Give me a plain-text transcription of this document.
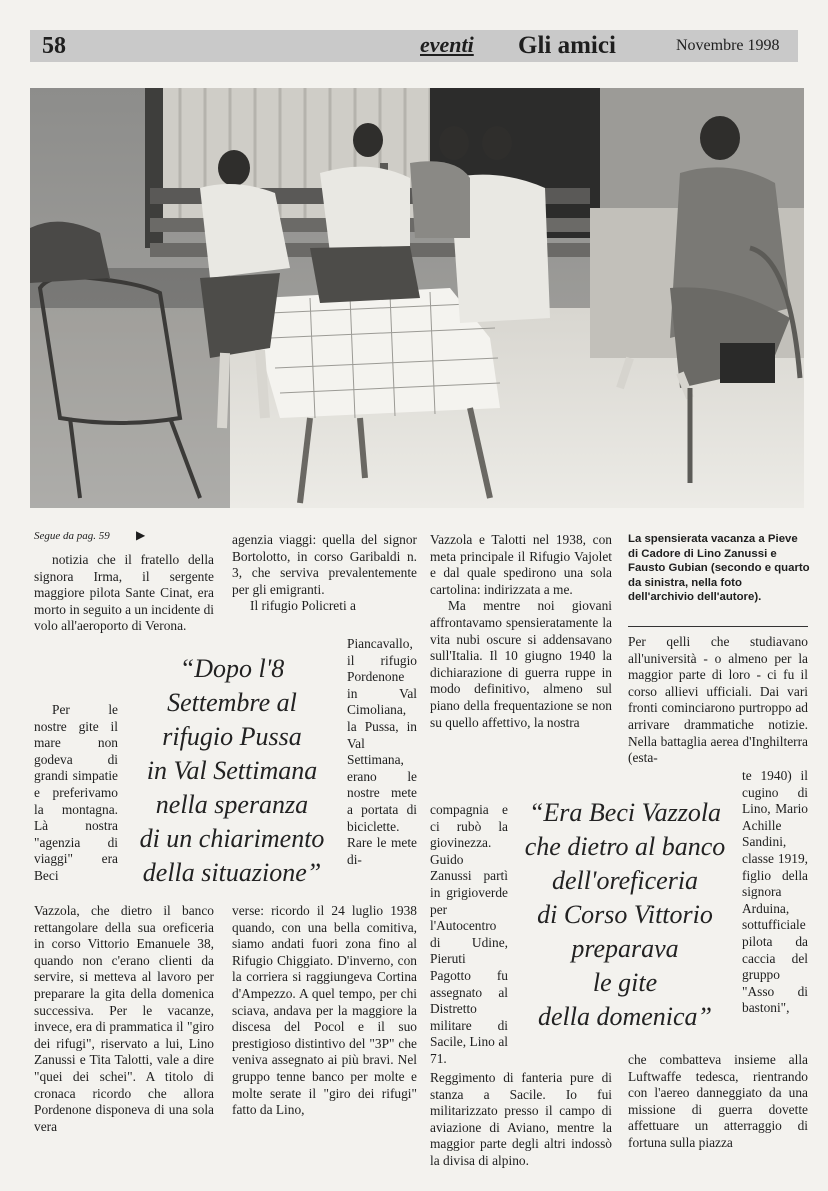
58	eventi Gli amici	Novembre 1998
Segue da pag. 59 ▶

notizia che il fratello della signora Irma, il sergente maggiore pilota Sante Cinat, era morto in seguito a un incidente di volo all'aeroporto di Verona.

Per le nostre gite il mare non godeva di grandi simpatie e preferivamo la montagna. Là nostra "agenzia di viaggi" era Beci

Vazzola, che dietro il banco rettangolare della sua oreficeria in corso Vittorio Emanuele 38, quando non c'erano clienti da servire, si metteva al lavoro per preparare la gita della domenica successiva. Per le vacanze, invece, era di prammatica il "giro dei rifugi", riservato a lui, Lino Zanussi e Tita Talotti, vale a dire "quei dei schei". A titolo di cronaca ricordo che allora Pordenone disponeva di una sola vera

agenzia viaggi: quella del signor Bortolotto, in corso Garibaldi n. 3, che serviva prevalentemente per gli emigranti.

Il rifugio Policreti a

Piancavallo, il rifugio Pordenone in Val Cimoliana, la Pussa, in Val Settimana, erano le nostre mete a portata di biciclette. Rare le mete di-

verse: ricordo il 24 luglio 1938 quando, con una bella comitiva, siamo andati fuori zona fino al Rifugio Chiggiato. D'inverno, con la corriera si raggiungeva Cortina d'Ampezzo. A quel tempo, per chi sciava, andava per la maggiore la discesa del Pocol e il suo prestigioso distintivo del "3P" che veniva assegnato ai più bravi. Nel gruppo tenne banco per molte e molte serate il "giro dei rifugi" fatto da Lino,

Vazzola e Talotti nel 1938, con meta principale il Rifugio Vajolet e dal quale spedirono una sola cartolina: indirizzata a me.

Ma mentre noi giovani affrontavamo spensieratamente la vita nubi oscure si addensavano sull'Italia. Il 10 giugno 1940 la dichiarazione di guerra ruppe in modo definitivo, almeno sul piano della frequentazione se non su quello affettivo, la nostra

compagnia e ci rubò la giovinezza. Guido Zanussi partì in grigioverde per l'Autocentro di Udine, Pieruti Pagotto fu assegnato al Distretto militare di Sacile, Lino al 71.

Reggimento di fanteria pure di stanza a Sacile. Io fui militarizzato presso il campo di aviazione di Aviano, mentre la maggior parte degli altri indossò la divisa di alpino.

La spensierata vacanza a Pieve di Cadore di Lino Zanussi e Fausto Gubian (secondo e quarto da sinistra, nella foto dell'archivio dell'autore).

Per qelli che studiavano all'università - o almeno per la maggior parte di loro - ci fu il corso allievi ufficiali. Dai vari fronti cominciarono purtroppo ad arrivare drammatiche notizie. Nella battaglia aerea d'Inghilterra (esta-

te 1940) il cugino di Lino, Mario Achille Sandini, classe 1919, figlio della signora Arduina, sottufficiale pilota da caccia del gruppo "Asso di bastoni",

che combatteva insieme alla Luftwaffe tedesca, rientrando con l'aereo danneggiato da una missione di guerra dovette affettuare un atterraggio di fortuna sulla piazza

“Dopo l'8
Settembre al
rifugio Pussa
in Val Settimana
nella speranza
di un chiarimento
della situazione”
“Era Beci Vazzola
che dietro al banco
dell'oreficeria
di Corso Vittorio
preparava
le gite
della domenica”
